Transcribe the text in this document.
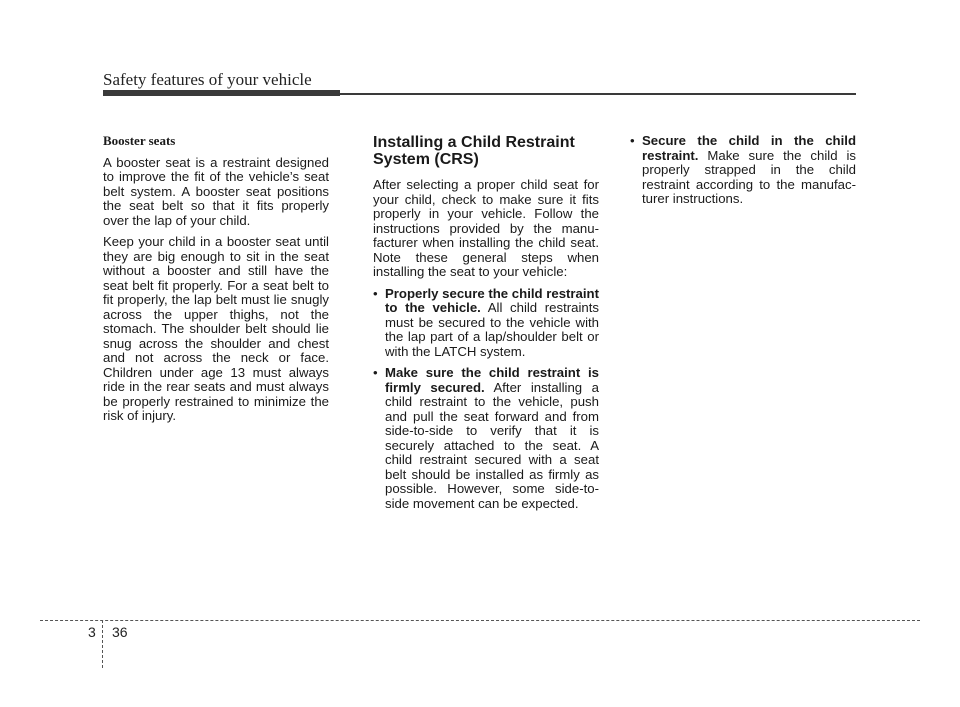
Safety features of your vehicle
Booster seats

A booster seat is a restraint designed to improve the fit of the vehicle’s seat belt system. A booster seat positions the seat belt so that it fits properly over the lap of your child.

Keep your child in a booster seat until they are big enough to sit in the seat without a booster and still have the seat belt fit properly. For a seat belt to fit properly, the lap belt must lie snugly across the upper thighs, not the stomach. The shoulder belt should lie snug across the shoulder and chest and not across the neck or face. Children under age 13 must always ride in the rear seats and must always be properly restrained to minimize the risk of injury.

Installing a Child Restraint System (CRS)

After selecting a proper child seat for your child, check to make sure it fits properly in your vehicle. Follow the instructions provided by the manu-facturer when installing the child seat. Note these general steps when installing the seat to your vehicle:

• Properly secure the child restraint to the vehicle. All child restraints must be secured to the vehicle with the lap part of a lap/shoulder belt or with the LATCH system.
• Make sure the child restraint is firmly secured. After installing a child restraint to the vehicle, push and pull the seat forward and from side-to-side to verify that it is securely attached to the seat. A child restraint secured with a seat belt should be installed as firmly as possible. However, some side-to-side movement can be expected.
• Secure the child in the child restraint. Make sure the child is properly strapped in the child restraint according to the manufac-turer instructions.
3 36
